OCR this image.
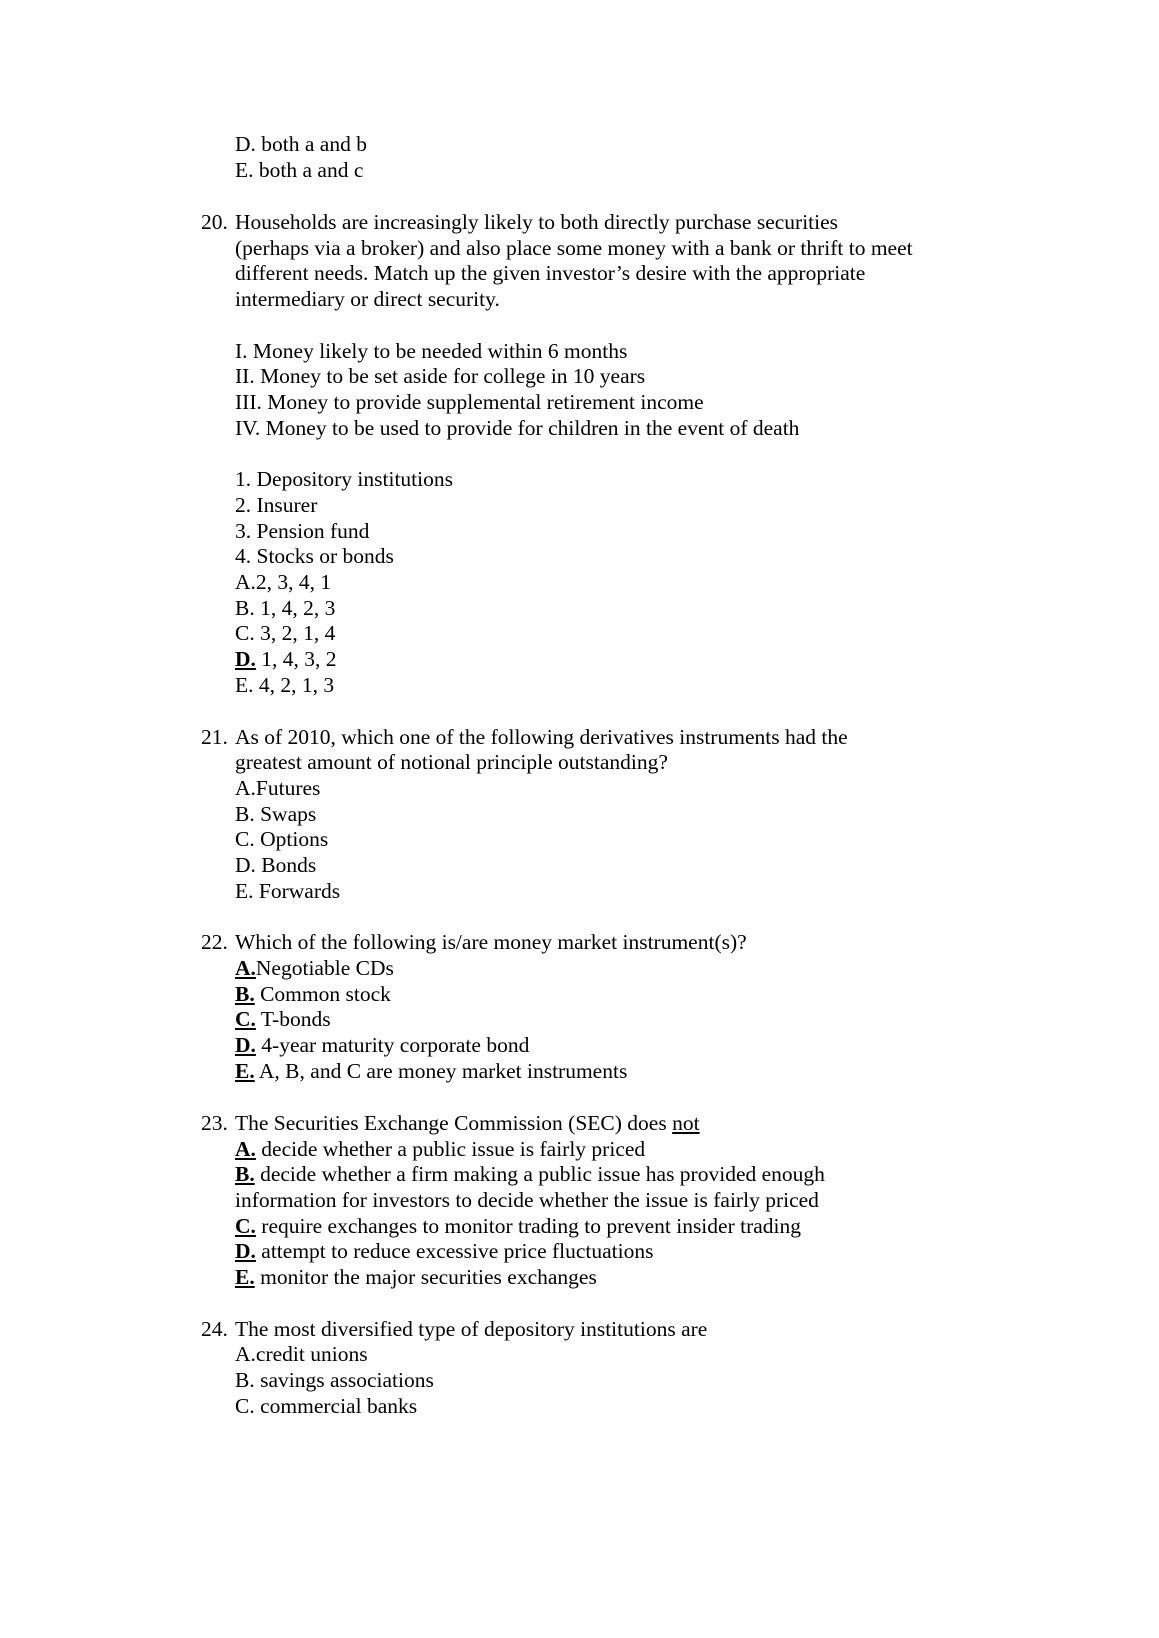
D. both a and b
E. both a and c
20. Households are increasingly likely to both directly purchase securities
(perhaps via a broker) and also place some money with a bank or thrift to meet
different needs. Match up the given investor’s desire with the appropriate
intermediary or direct security.
I. Money likely to be needed within 6 months
II. Money to be set aside for college in 10 years
III. Money to provide supplemental retirement income
IV. Money to be used to provide for children in the event of death
1. Depository institutions
2. Insurer
3. Pension fund
4. Stocks or bonds
A.2, 3, 4, 1
B. 1, 4, 2, 3
C. 3, 2, 1, 4
D. 1, 4, 3, 2
E. 4, 2, 1, 3
21. As of 2010, which one of the following derivatives instruments had the
greatest amount of notional principle outstanding?
A.Futures
B. Swaps
C. Options
D. Bonds
E. Forwards
22. Which of the following is/are money market instrument(s)?
A.Negotiable CDs
B. Common stock
C. T-bonds
D. 4-year maturity corporate bond
E. A, B, and C are money market instruments
23. The Securities Exchange Commission (SEC) does not
A. decide whether a public issue is fairly priced
B. decide whether a firm making a public issue has provided enough
information for investors to decide whether the issue is fairly priced
C. require exchanges to monitor trading to prevent insider trading
D. attempt to reduce excessive price fluctuations
E. monitor the major securities exchanges
24. The most diversified type of depository institutions are
A.credit unions
B. savings associations
C. commercial banks
